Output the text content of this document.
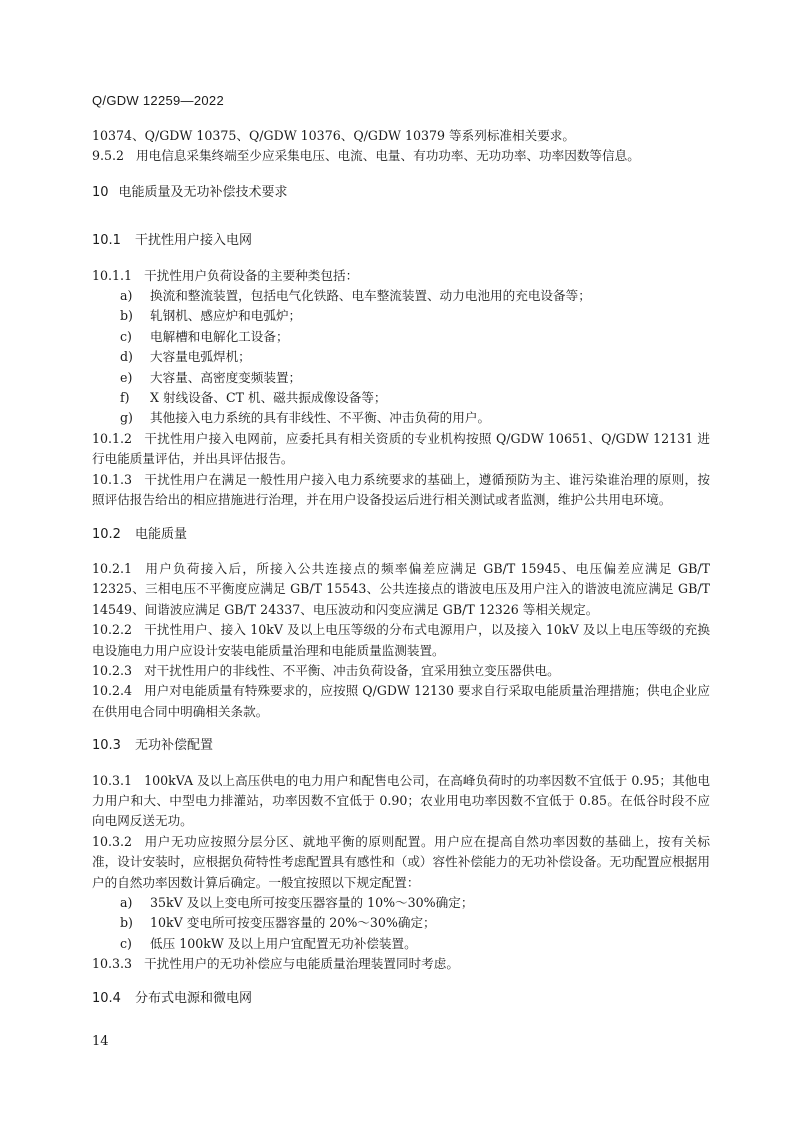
Q/GDW 12259—2022

10374、Q/GDW 10375、Q/GDW 10376、Q/GDW 10379 等系列标准相关要求。

9.5.2 用电信息采集终端至少应采集电压、电流、电量、有功功率、无功功率、功率因数等信息。

10 电能质量及无功补偿技术要求
10.1 干扰性用户接入电网

10.1.1 干扰性用户负荷设备的主要种类包括：

a)	换流和整流装置，包括电气化铁路、电车整流装置、动力电池用的充电设备等；
b)	轧钢机、感应炉和电弧炉；
c)	电解槽和电解化工设备；
d)	大容量电弧焊机；
e)	大容量、高密度变频装置；
f)	X 射线设备、CT 机、磁共振成像设备等；
g)	其他接入电力系统的具有非线性、不平衡、冲击负荷的用户。

10.1.2 干扰性用户接入电网前，应委托具有相关资质的专业机构按照 Q/GDW 10651、Q/GDW 12131 进行电能质量评估，并出具评估报告。

10.1.3 干扰性用户在满足一般性用户接入电力系统要求的基础上，遵循预防为主、谁污染谁治理的原则，按照评估报告给出的相应措施进行治理，并在用户设备投运后进行相关测试或者监测，维护公共用电环境。

10.2 电能质量

10.2.1 用户负荷接入后，所接入公共连接点的频率偏差应满足 GB/T 15945、电压偏差应满足 GB/T 12325、三相电压不平衡度应满足 GB/T 15543、公共连接点的谐波电压及用户注入的谐波电流应满足 GB/T 14549、间谐波应满足 GB/T 24337、电压波动和闪变应满足 GB/T 12326 等相关规定。

10.2.2 干扰性用户、接入 10kV 及以上电压等级的分布式电源用户，以及接入 10kV 及以上电压等级的充换电设施电力用户应设计安装电能质量治理和电能质量监测装置。

10.2.3 对干扰性用户的非线性、不平衡、冲击负荷设备，宜采用独立变压器供电。

10.2.4 用户对电能质量有特殊要求的，应按照 Q/GDW 12130 要求自行采取电能质量治理措施；供电企业应在供用电合同中明确相关条款。

10.3 无功补偿配置

10.3.1 100kVA 及以上高压供电的电力用户和配售电公司，在高峰负荷时的功率因数不宜低于 0.95；其他电力用户和大、中型电力排灌站，功率因数不宜低于 0.90；农业用电功率因数不宜低于 0.85。在低谷时段不应向电网反送无功。

10.3.2 用户无功应按照分层分区、就地平衡的原则配置。用户应在提高自然功率因数的基础上，按有关标准，设计安装时，应根据负荷特性考虑配置具有感性和（或）容性补偿能力的无功补偿设备。无功配置应根据用户的自然功率因数计算后确定。一般宜按照以下规定配置：

a)	35kV 及以上变电所可按变压器容量的 10%～30%确定；
b)	10kV 变电所可按变压器容量的 20%～30%确定；
c)	低压 100kW 及以上用户宜配置无功补偿装置。

10.3.3 干扰性用户的无功补偿应与电能质量治理装置同时考虑。

10.4 分布式电源和微电网
14
